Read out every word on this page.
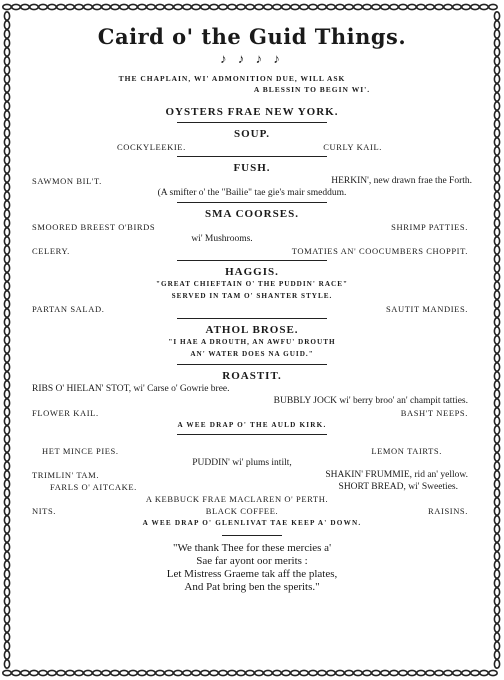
Caird o' the Guid Things.
♪ ♪ ♪ ♪
THE CHAPLAIN, WI' ADMONITION DUE, WILL ASK
A BLESSIN TO BEGIN WI'.
OYSTERS FRAE NEW YORK.
SOUP.
COCKYLEEKIE.	CURLY KAIL.
FUSH.
SAWMON BIL'T.	HERKIN', new drawn frae the Forth.
(A smifter o' the "Bailie" tae gie's mair smeddum.
SMA COORSES.
SMOORED BREEST O'BIRDS	SHRIMP PATTIES.
wi' Mushrooms.
CELERY.	TOMATIES AN' COOCUMBERS CHOPPIT.
HAGGIS.
"GREAT CHIEFTAIN O' THE PUDDIN' RACE"
SERVED IN TAM O' SHANTER STYLE.
PARTAN SALAD.	SAUTIT MANDIES.
ATHOL BROSE.
"I HAE A DROUTH, AN AWFU' DROUTH
AN' WATER DOES NA GUID."
ROASTIT.
RIBS O' HIELAN' STOT, wi' Carse o' Gowrie bree.
BUBBLY JOCK wi' berry broo' an' champit tatties.
FLOWER KAIL.	BASH'T NEEPS.
A WEE DRAP O' THE AULD KIRK.
HET MINCE PIES.	LEMON TAIRTS.
PUDDIN' wi' plums intilt,
TRIMLIN' TAM.	SHAKIN' FRUMMIE, rid an' yellow.
FARLS O' AITCAKE.	SHORT BREAD, wi' Sweeties.
A KEBBUCK FRAE MACLAREN O' PERTH.
NITS.	BLACK COFFEE.	RAISINS.
A WEE DRAP O' GLENLIVAT TAE KEEP A' DOWN.
"We thank Thee for these mercies a'
Sae far ayont oor merits :
Let Mistress Graeme tak aff the plates,
And Pat bring ben the sperits."
